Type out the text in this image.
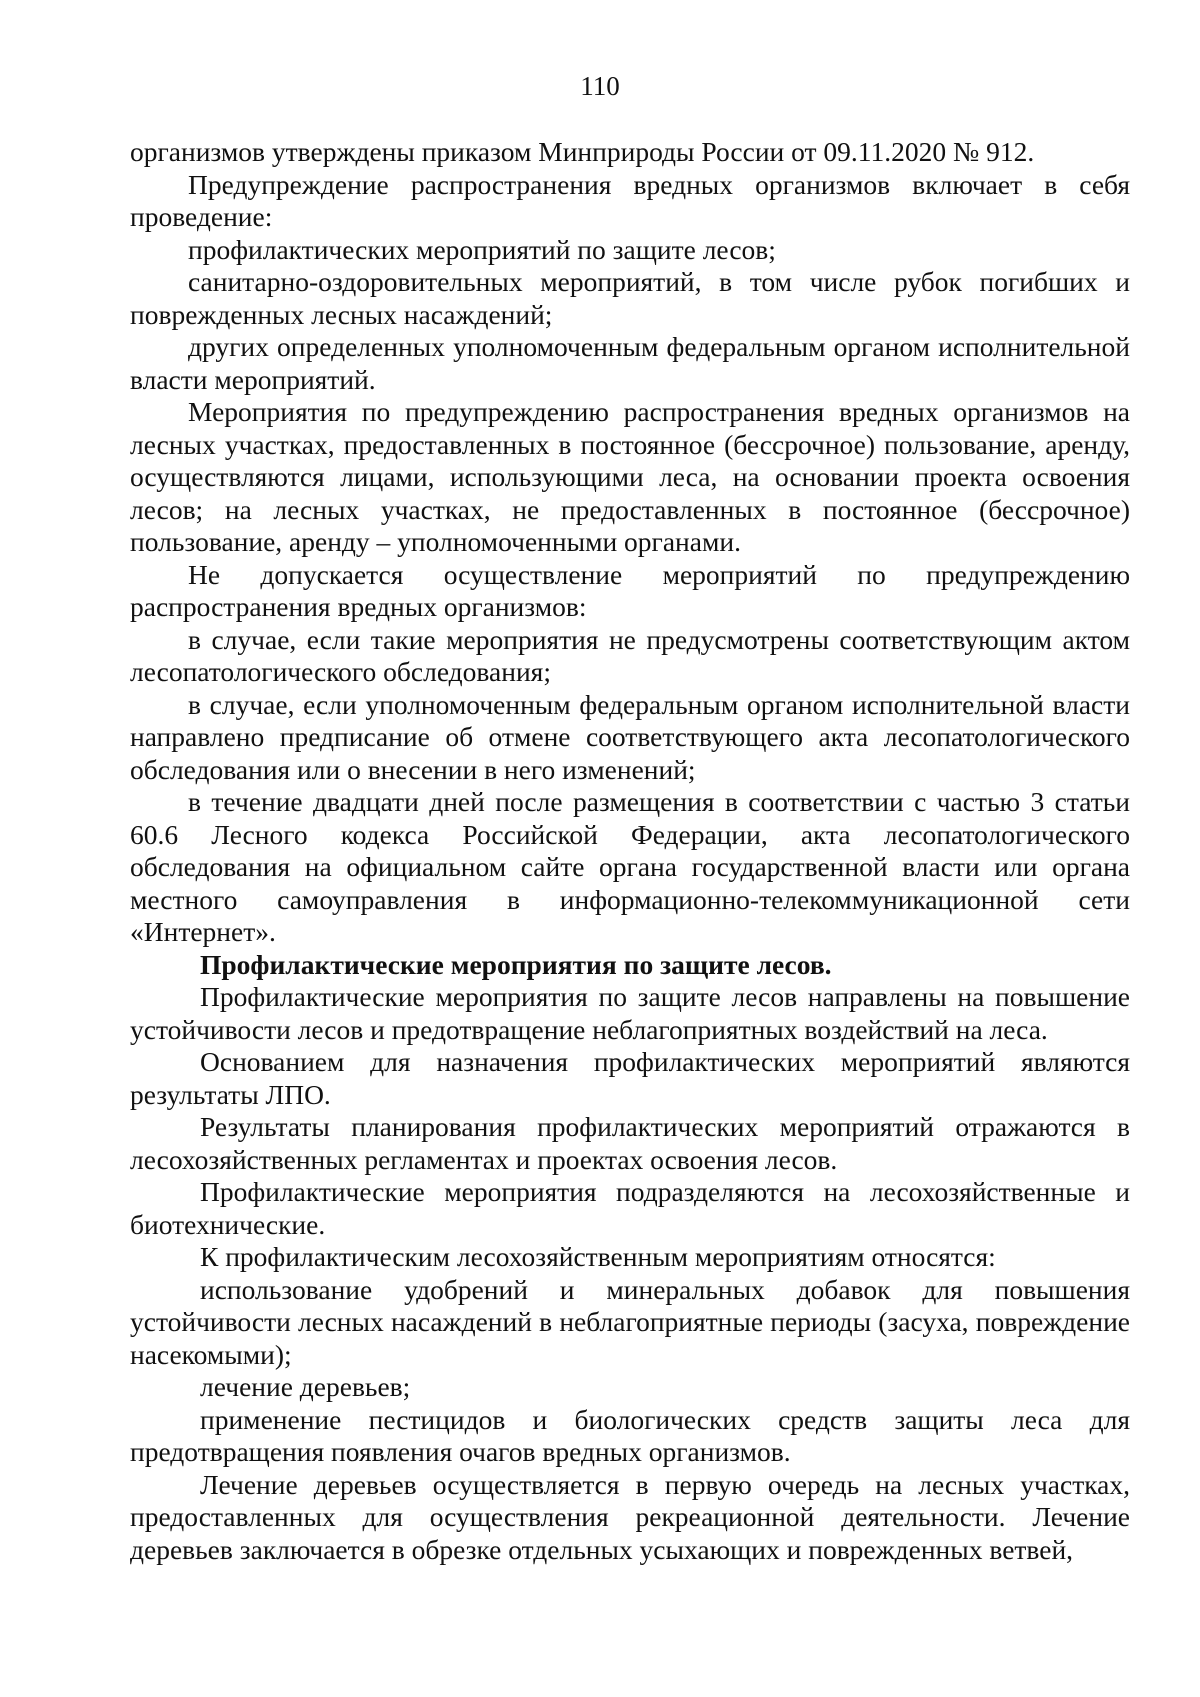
110

организмов утверждены приказом Минприроды России от 09.11.2020 № 912.

Предупреждение распространения вредных организмов включает в себя проведение:

профилактических мероприятий по защите лесов;

санитарно-оздоровительных мероприятий, в том числе рубок погибших и поврежденных лесных насаждений;

других определенных уполномоченным федеральным органом исполнительной власти мероприятий.

Мероприятия по предупреждению распространения вредных организмов на лесных участках, предоставленных в постоянное (бессрочное) пользование, аренду, осуществляются лицами, использующими леса, на основании проекта освоения лесов; на лесных участках, не предоставленных в постоянное (бессрочное) пользование, аренду – уполномоченными органами.

Не допускается осуществление мероприятий по предупреждению распространения вредных организмов:

в случае, если такие мероприятия не предусмотрены соответствующим актом лесопатологического обследования;

в случае, если уполномоченным федеральным органом исполнительной власти направлено предписание об отмене соответствующего акта лесопатологического обследования или о внесении в него изменений;

в течение двадцати дней после размещения в соответствии с частью 3 статьи 60.6 Лесного кодекса Российской Федерации, акта лесопатологического обследования на официальном сайте органа государственной власти или органа местного самоуправления в информационно-телекоммуникационной сети «Интернет».

Профилактические мероприятия по защите лесов.

Профилактические мероприятия по защите лесов направлены на повышение устойчивости лесов и предотвращение неблагоприятных воздействий на леса.

Основанием для назначения профилактических мероприятий являются результаты ЛПО.

Результаты планирования профилактических мероприятий отражаются в лесохозяйственных регламентах и проектах освоения лесов.

Профилактические мероприятия подразделяются на лесохозяйственные и биотехнические.

К профилактическим лесохозяйственным мероприятиям относятся:

использование удобрений и минеральных добавок для повышения устойчивости лесных насаждений в неблагоприятные периоды (засуха, повреждение насекомыми);

лечение деревьев;

применение пестицидов и биологических средств защиты леса для предотвращения появления очагов вредных организмов.

Лечение деревьев осуществляется в первую очередь на лесных участках, предоставленных для осуществления рекреационной деятельности. Лечение деревьев заключается в обрезке отдельных усыхающих и поврежденных ветвей,
